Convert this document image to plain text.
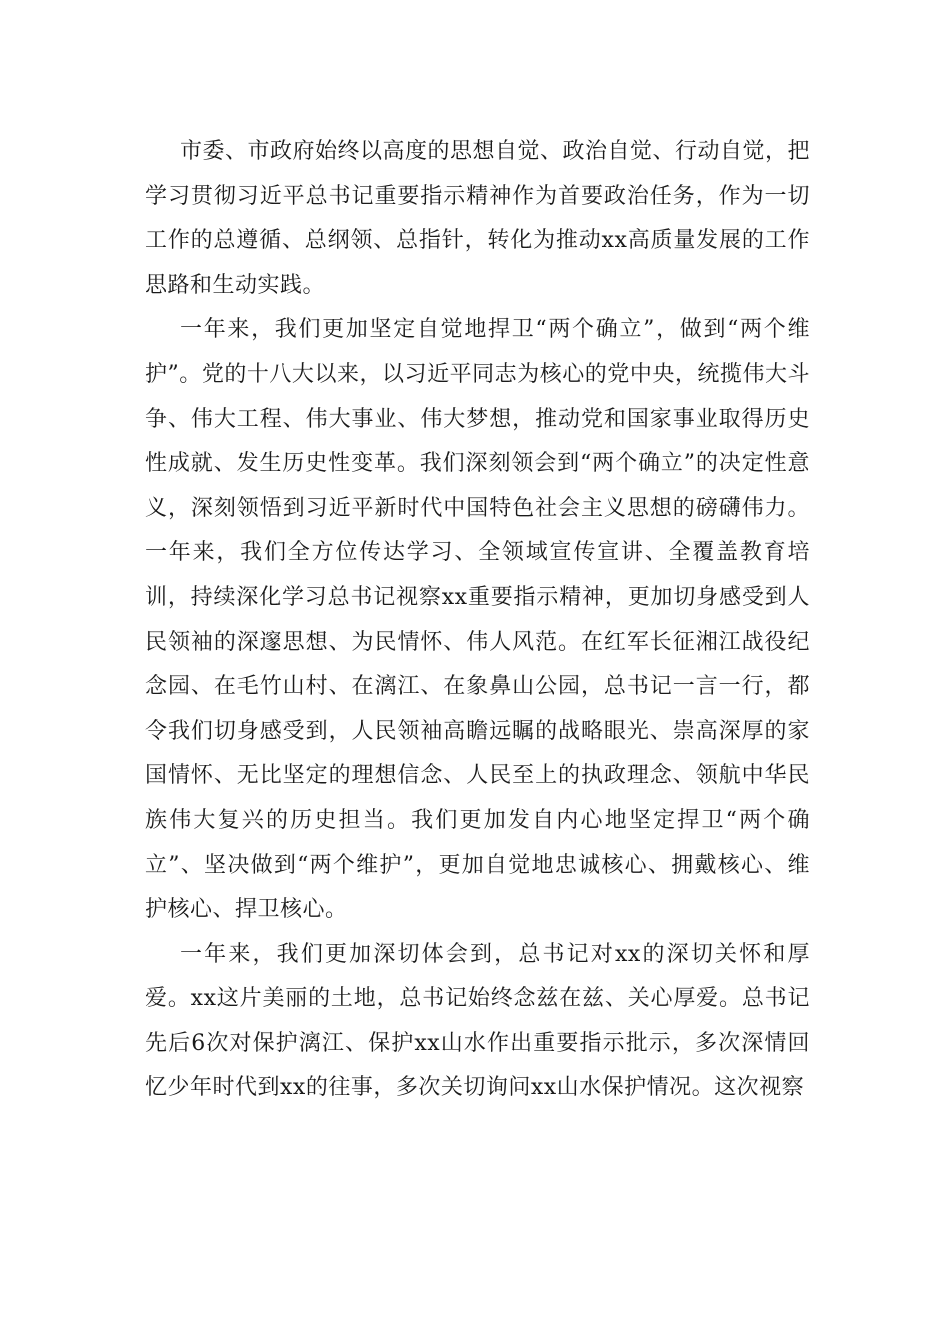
市委、市政府始终以高度的思想自觉、政治自觉、行动自觉，把学习贯彻习近平总书记重要指示精神作为首要政治任务，作为一切工作的总遵循、总纲领、总指针，转化为推动xx高质量发展的工作思路和生动实践。

一年来，我们更加坚定自觉地捍卫“两个确立”，做到“两个维护”。党的十八大以来，以习近平同志为核心的党中央，统揽伟大斗争、伟大工程、伟大事业、伟大梦想，推动党和国家事业取得历史性成就、发生历史性变革。我们深刻领会到“两个确立”的决定性意义，深刻领悟到习近平新时代中国特色社会主义思想的磅礴伟力。一年来，我们全方位传达学习、全领域宣传宣讲、全覆盖教育培训，持续深化学习总书记视察xx重要指示精神，更加切身感受到人民领袖的深邃思想、为民情怀、伟人风范。在红军长征湘江战役纪念园、在毛竹山村、在漓江、在象鼻山公园，总书记一言一行，都令我们切身感受到，人民领袖高瞻远瞩的战略眼光、崇高深厚的家国情怀、无比坚定的理想信念、人民至上的执政理念、领航中华民族伟大复兴的历史担当。我们更加发自内心地坚定捍卫“两个确立”、坚决做到“两个维护”，更加自觉地忠诚核心、拥戴核心、维护核心、捍卫核心。

一年来，我们更加深切体会到，总书记对xx的深切关怀和厚爱。xx这片美丽的土地，总书记始终念兹在兹、关心厚爱。总书记先后6次对保护漓江、保护xx山水作出重要指示批示，多次深情回忆少年时代到xx的往事，多次关切询问xx山水保护情况。这次视察
